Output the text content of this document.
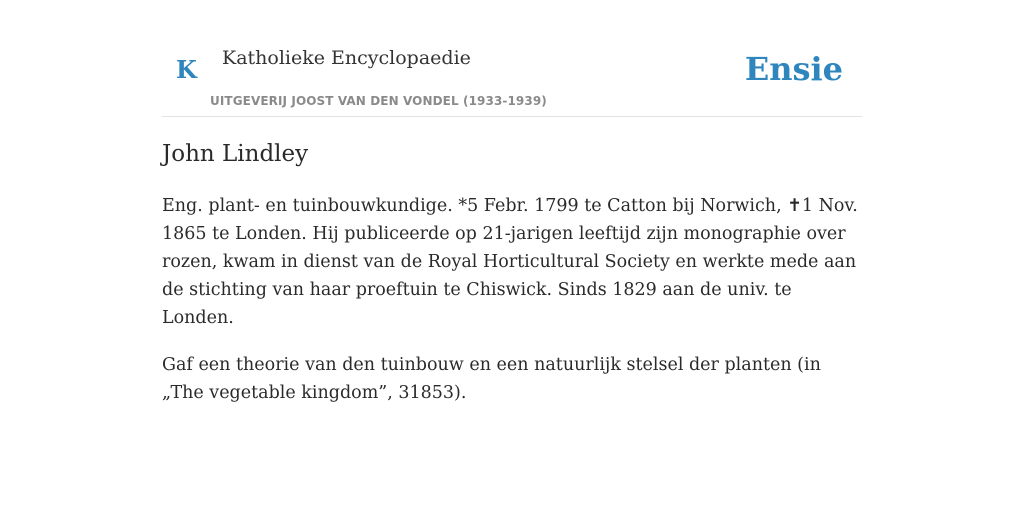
K Katholieke Encyclopaedie
UITGEVERIJ JOOST VAN DEN VONDEL (1933-1939)
Ensie
John Lindley

Eng. plant- en tuinbouwkundige. *5 Febr. 1799 te Catton bij Norwich, ✝1 Nov. 1865 te Londen. Hij publiceerde op 21-jarigen leeftijd zijn monographie over rozen, kwam in dienst van de Royal Horticultural Society en werkte mede aan de stichting van haar proeftuin te Chiswick. Sinds 1829 aan de univ. te Londen.

Gaf een theorie van den tuinbouw en een natuurlijk stelsel der planten (in „The vegetable kingdom”, 31853).
